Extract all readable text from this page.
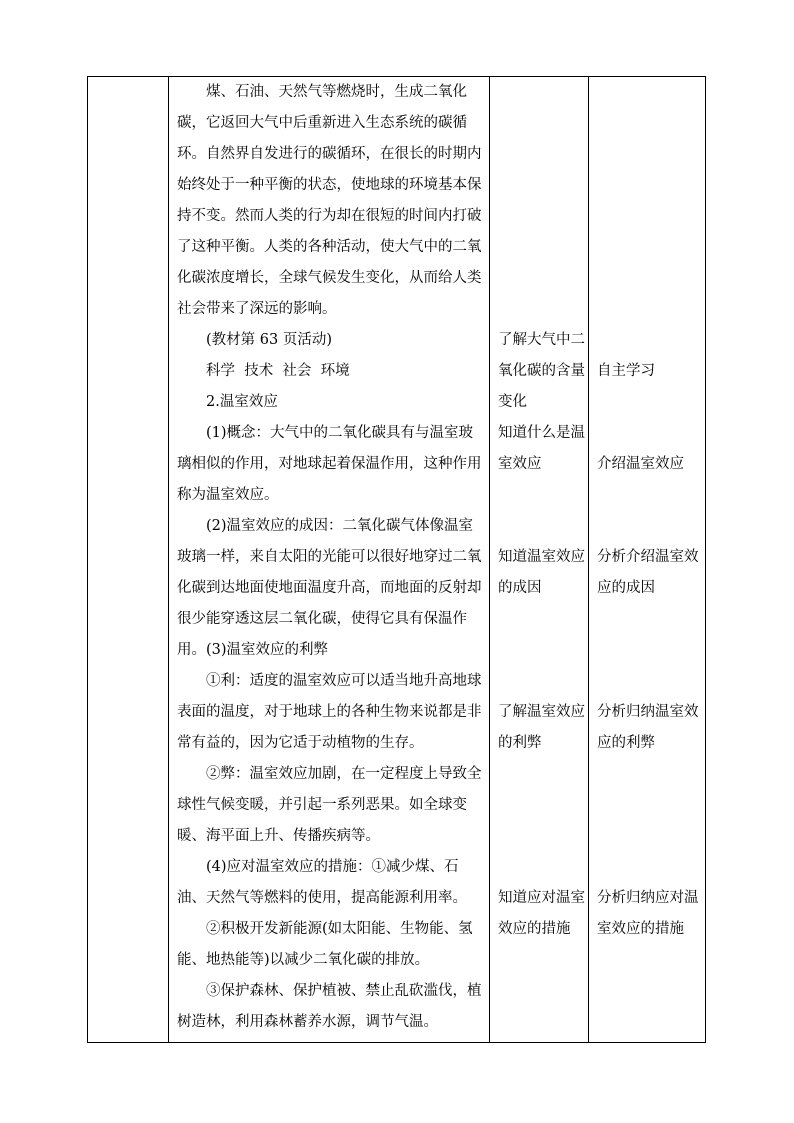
煤、石油、天然气等燃烧时，生成二氧化碳，它返回大气中后重新进入生态系统的碳循环。 自然界自发进行的碳循环，在很长的时期内始终处于一种平衡的状态，使地球的环境基本保持不变。然而人类的行为却在很短的时间内打破了这种平衡。人类的各种活动，使大气中的二氧化碳浓度增长，全球气候发生变化，从而给人类社会带来了深远的影响。

(教材第 63 页活动)

科学  技术  社会  环境

2.温室效应

(1)概念：大气中的二氧化碳具有与温室玻璃相似的作用，对地球起着保温作用，这种作用称为温室效应。

(2)温室效应的成因：二氧化碳气体像温室玻璃一样，来自太阳的光能可以很好地穿过二氧化碳到达地面使地面温度升高，而地面的反射却很少能穿透这层二氧化碳，使得它具有保温作用。 (3)温室效应的利弊

①利：适度的温室效应可以适当地升高地球表面的温度，对于地球上的各种生物来说都是非常有益的，因为它适于动植物的生存。

②弊：温室效应加剧，在一定程度上导致全球性气候变暖，并引起一系列恶果。如全球变暖、海平面上升、传播疾病等。

(4)应对温室效应的措施：①减少煤、石油、天然气等燃料的使用，提高能源利用率。

②积极开发新能源(如太阳能、生物能、氢能、地热能等)以减少二氧化碳的排放。

③保护森林、保护植被、禁止乱砍滥伐，植树造林，利用森林蓄养水源，调节气温。

了解大气中二氧化碳的含量变化
知道什么是温室效应
知道温室效应的成因
了解温室效应的利弊
知道应对温室效应的措施
自主学习
介绍温室效应
分析介绍温室效应的成因
分析归纳温室效应的利弊
分析归纳应对温室效应的措施
